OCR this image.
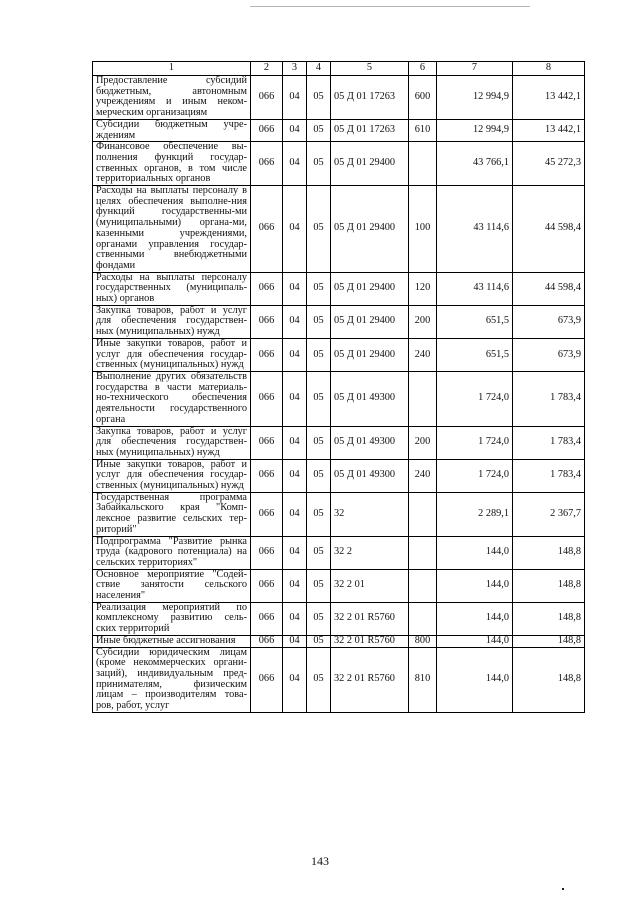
1	2	3	4	5	6	7	8
Предоставление субсидий бюджетным, автономным учреждениям и иным неком-мерческим организациям	066	04	05	05 Д 01 17263	600	12 994,9	13 442,1
Субсидии бюджетным учре-ждениям	066	04	05	05 Д 01 17263	610	12 994,9	13 442,1
Финансовое обеспечение вы-полнения функций государ-ственных органов, в том числе территориальных органов	066	04	05	05 Д 01 29400		43 766,1	45 272,3
Расходы на выплаты персоналу в целях обеспечения выполне-ния функций государственны-ми (муниципальными) органа-ми, казенными учреждениями, органами управления государ-ственными внебюджетными фондами	066	04	05	05 Д 01 29400	100	43 114,6	44 598,4
Расходы на выплаты персоналу государственных (муниципаль-ных) органов	066	04	05	05 Д 01 29400	120	43 114,6	44 598,4
Закупка товаров, работ и услуг для обеспечения государствен-ных (муниципальных) нужд	066	04	05	05 Д 01 29400	200	651,5	673,9
Иные закупки товаров, работ и услуг для обеспечения государ-ственных (муниципальных) нужд	066	04	05	05 Д 01 29400	240	651,5	673,9
Выполнение других обязательств государства в части материаль-но-технического обеспечения деятельности государственного органа	066	04	05	05 Д 01 49300		1 724,0	1 783,4
Закупка товаров, работ и услуг для обеспечения государствен-ных (муниципальных) нужд	066	04	05	05 Д 01 49300	200	1 724,0	1 783,4
Иные закупки товаров, работ и услуг для обеспечения государ-ственных (муниципальных) нужд	066	04	05	05 Д 01 49300	240	1 724,0	1 783,4
Государственная программа Забайкальского края "Комп-лексное развитие сельских тер-риторий"	066	04	05	32		2 289,1	2 367,7
Подпрограмма "Развитие рынка труда (кадрового потенциала) на сельских территориях"	066	04	05	32 2		144,0	148,8
Основное мероприятие "Содей-ствие занятости сельского населения"	066	04	05	32 2 01		144,0	148,8
Реализация мероприятий по комплексному развитию сель-ских территорий	066	04	05	32 2 01 R5760		144,0	148,8
Иные бюджетные ассигнования	066	04	05	32 2 01 R5760	800	144,0	148,8
Субсидии юридическим лицам (кроме некоммерческих органи-заций), индивидуальным пред-принимателям, физическим лицам – производителям това-ров, работ, услуг	066	04	05	32 2 01 R5760	810	144,0	148,8
143
